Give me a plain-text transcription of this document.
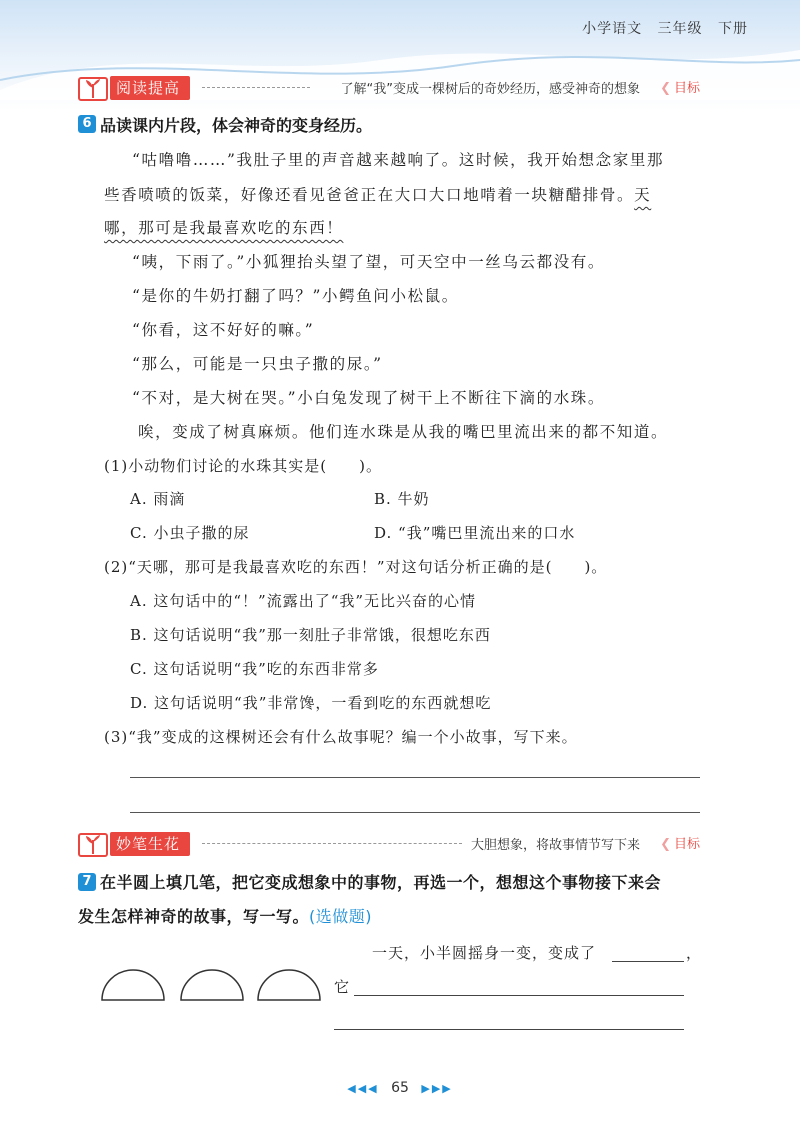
小学语文 三年级 下册
阅读提高	了解“我”变成一棵树后的奇妙经历，感受神奇的想象 ❮ 目标
6 品读课内片段，体会神奇的变身经历。
“咕噜噜……”我肚子里的声音越来越响了。这时候，我开始想念家里那
些香喷喷的饭菜，好像还看见爸爸正在大口大口地啃着一块糖醋排骨。天
哪，那可是我最喜欢吃的东西！
“咦，下雨了。”小狐狸抬头望了望，可天空中一丝乌云都没有。
“是你的牛奶打翻了吗？”小鳄鱼问小松鼠。
“你看，这不好好的嘛。”
“那么，可能是一只虫子撒的尿。”
“不对，是大树在哭。”小白兔发现了树干上不断往下滴的水珠。
唉，变成了树真麻烦。他们连水珠是从我的嘴巴里流出来的都不知道。
(1)小动物们讨论的水珠其实是(　　)。
A. 雨滴	B. 牛奶
C. 小虫子撒的尿	D. “我”嘴巴里流出来的口水
(2)“天哪，那可是我最喜欢吃的东西！”对这句话分析正确的是(　　)。
A. 这句话中的“！”流露出了“我”无比兴奋的心情
B. 这句话说明“我”那一刻肚子非常饿，很想吃东西
C. 这句话说明“我”吃的东西非常多
D. 这句话说明“我”非常馋，一看到吃的东西就想吃
(3)“我”变成的这棵树还会有什么故事呢？编一个小故事，写下来。
妙笔生花	大胆想象，将故事情节写下来 ❮ 目标
7 在半圆上填几笔，把它变成想象中的事物，再选一个，想想这个事物接下来会
发生怎样神奇的故事，写一写。(选做题)
一天，小半圆摇身一变，变成了	，
它
◀◀◀ 65 ▶▶▶
